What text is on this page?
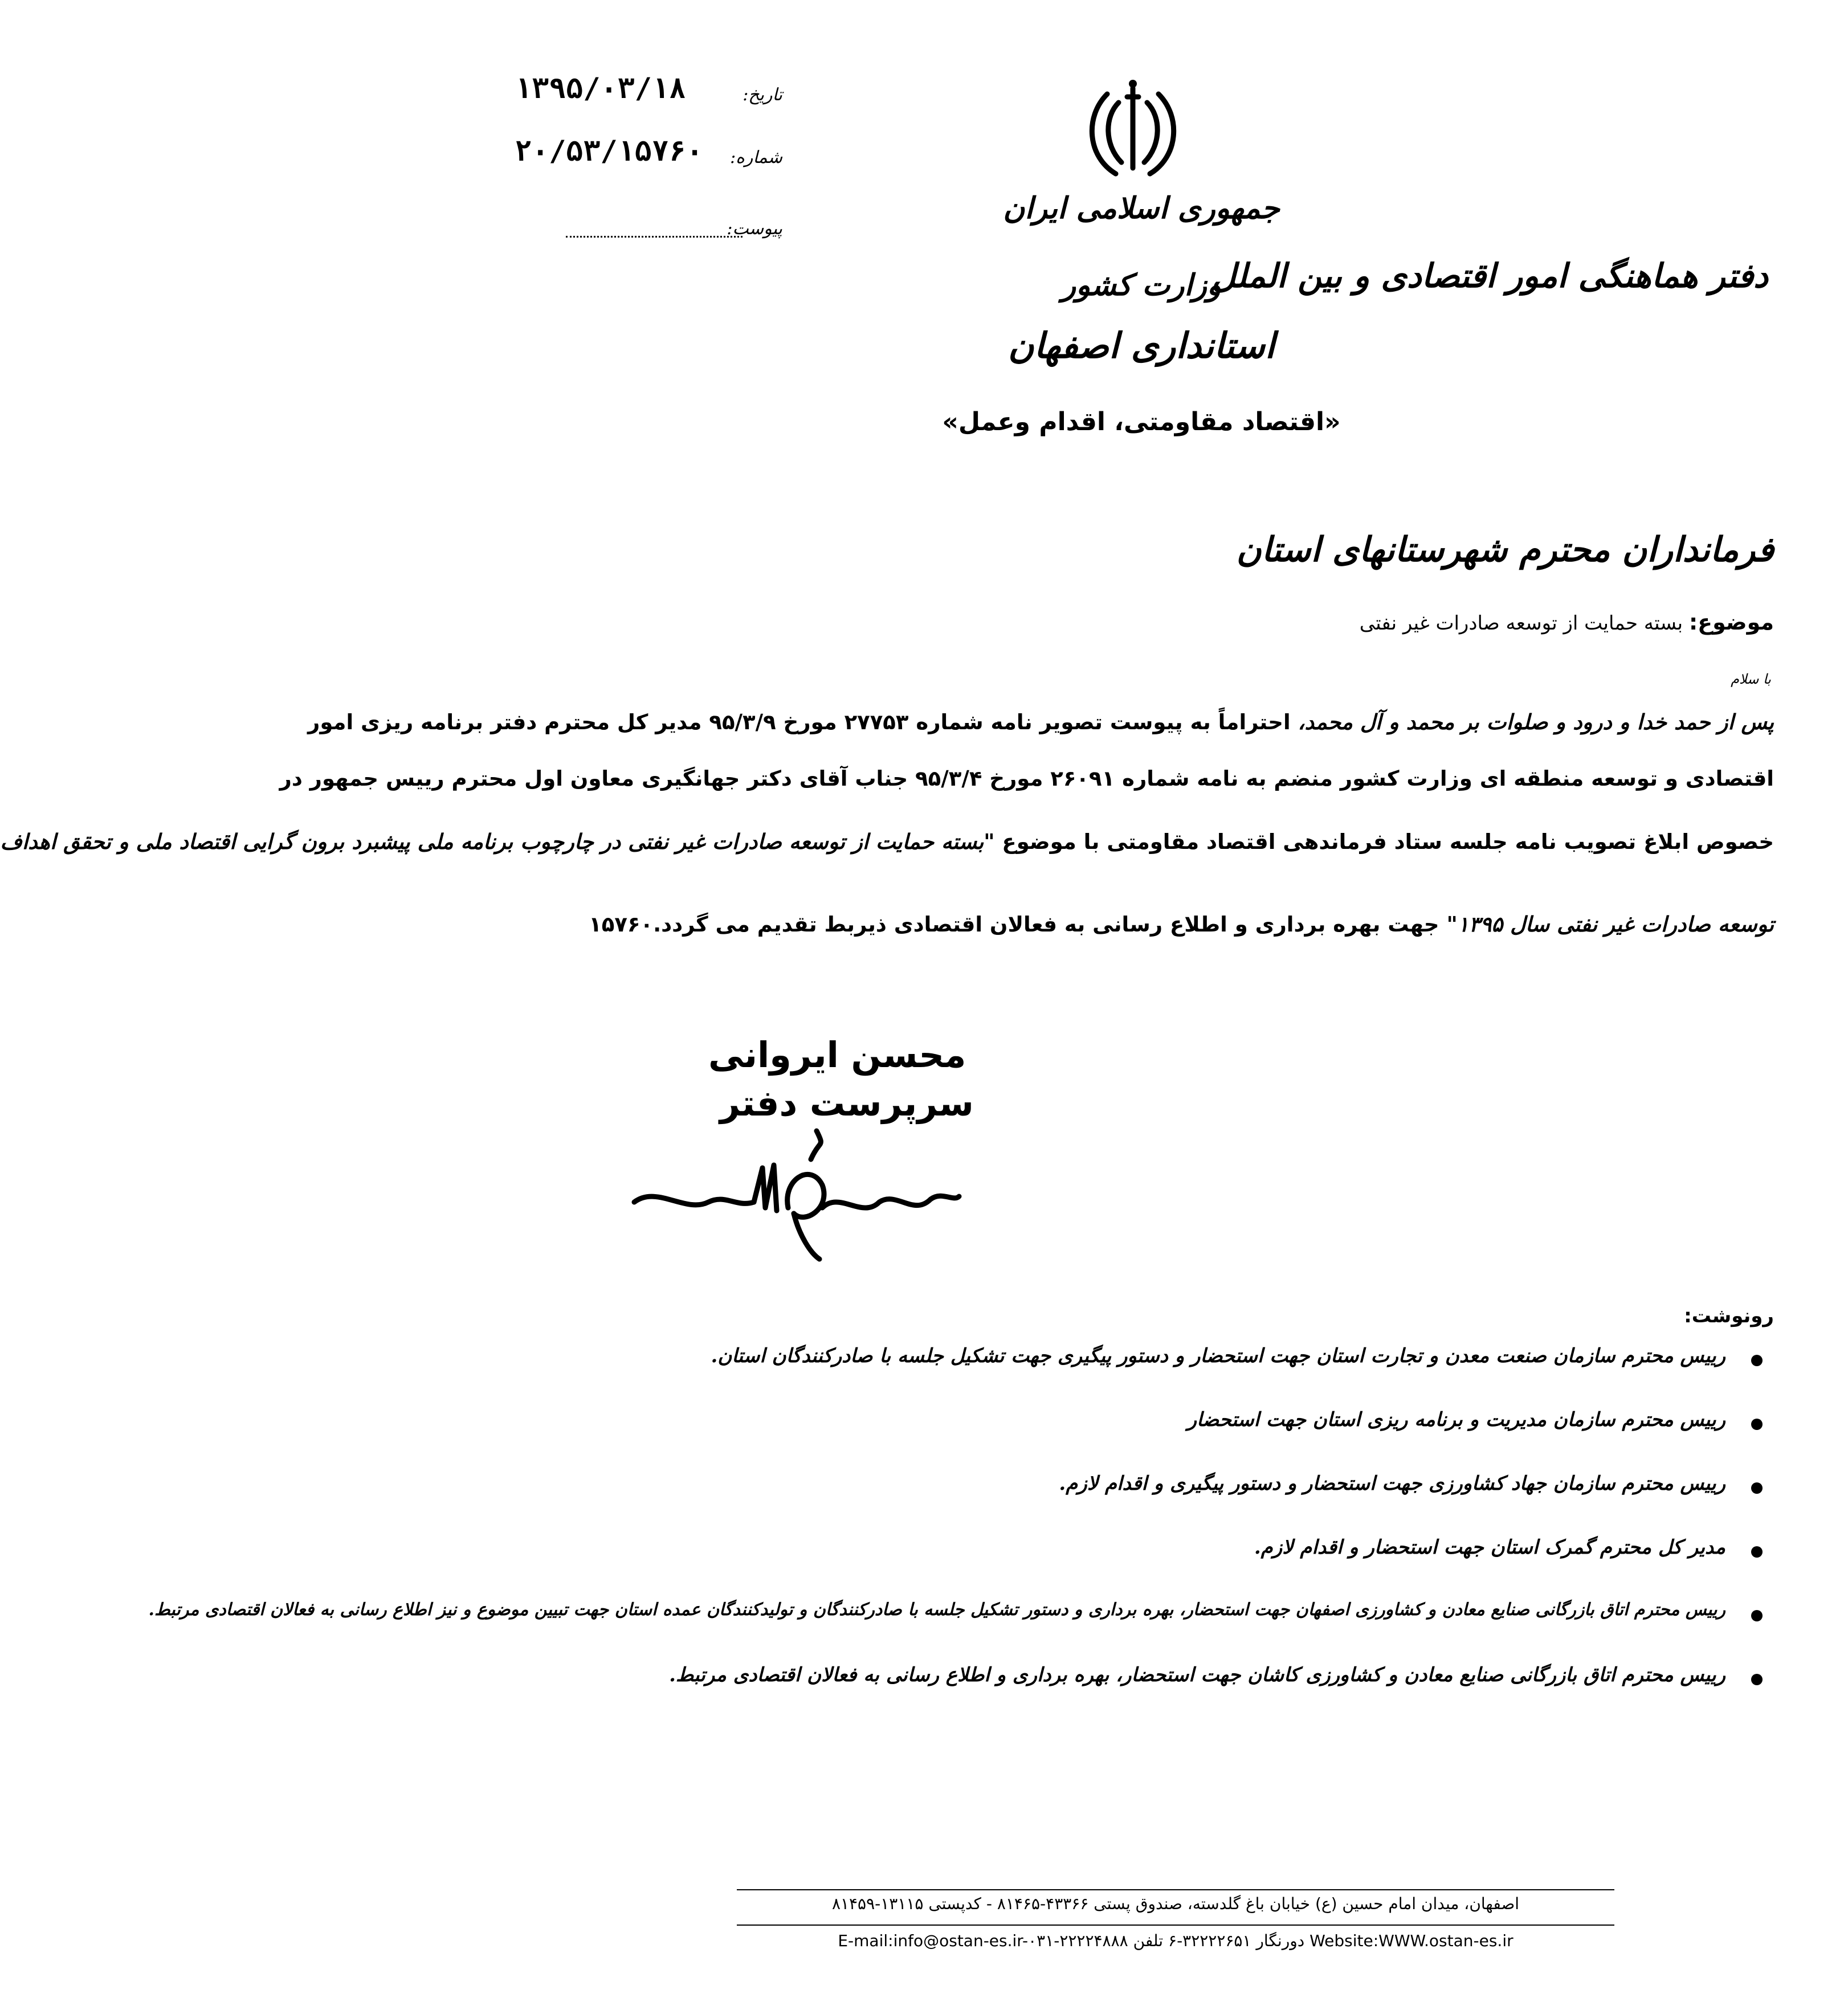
۱۳۹۵/۰۳/۱۸	تاریخ:
۲۰/۵۳/۱۵۷۶۰ شماره:
پیوست:
جمهوری اسلامی ایران
وزارت کشور
استانداری اصفهان
دفتر هماهنگی امور اقتصادی و بین الملل
«اقتصاد مقاومتی، اقدام وعمل»
فرمانداران محترم شهرستانهای استان
موضوع: بسته حمایت از توسعه صادرات غیر نفتی
با سلام
پس از حمد خدا و درود و صلوات بر محمد و آل محمد، احتراماً به پیوست تصویر نامه شماره ۲۷۷۵۳ مورخ ۹۵/۳/۹ مدیر کل محترم دفتر برنامه ریزی امور
اقتصادی و توسعه منطقه ای وزارت کشور منضم به نامه شماره ۲۶۰۹۱ مورخ ۹۵/۳/۴ جناب آقای دکتر جهانگیری معاون اول محترم رییس جمهور در
خصوص ابلاغ تصویب نامه جلسه ستاد فرماندهی اقتصاد مقاومتی با موضوع "بسته حمایت از توسعه صادرات غیر نفتی در چارچوب برنامه ملی پیشبرد برون گرایی اقتصاد ملی و تحقق اهداف
توسعه صادرات غیر نفتی سال ۱۳۹۵" جهت بهره برداری و اطلاع رسانی به فعالان اقتصادی ذیربط تقدیم می گردد.۱۵۷۶۰
محسن ایروانی
سرپرست دفتر
رونوشت:
رییس محترم سازمان صنعت معدن و تجارت استان جهت استحضار و دستور پیگیری جهت تشکیل جلسه با صادرکنندگان استان.
رییس محترم سازمان مدیریت و برنامه ریزی استان جهت استحضار
رییس محترم سازمان جهاد کشاورزی جهت استحضار و دستور پیگیری و اقدام لازم.
مدیر کل محترم گمرک استان جهت استحضار و اقدام لازم.
رییس محترم اتاق بازرگانی صنایع معادن و کشاورزی اصفهان جهت استحضار، بهره برداری و دستور تشکیل جلسه با صادرکنندگان و تولیدکنندگان عمده استان جهت تبیین موضوع و نیز اطلاع رسانی به فعالان اقتصادی مرتبط.
رییس محترم اتاق بازرگانی صنایع معادن و کشاورزی کاشان جهت استحضار، بهره برداری و اطلاع رسانی به فعالان اقتصادی مرتبط.
اصفهان، میدان امام حسین (ع) خیابان باغ گلدسته، صندوق پستی ۴۳۳۶۶-۸۱۴۶۵ - کدپستی ۱۳۱۱۵-۸۱۴۵۹
E-mail:info@ostan-es.ir-۰۳۱-۲۲۲۲۴۸۸۸ دورنگار ۳۲۲۲۲۶۵۱-۶ تلفن Website:WWW.ostan-es.ir
